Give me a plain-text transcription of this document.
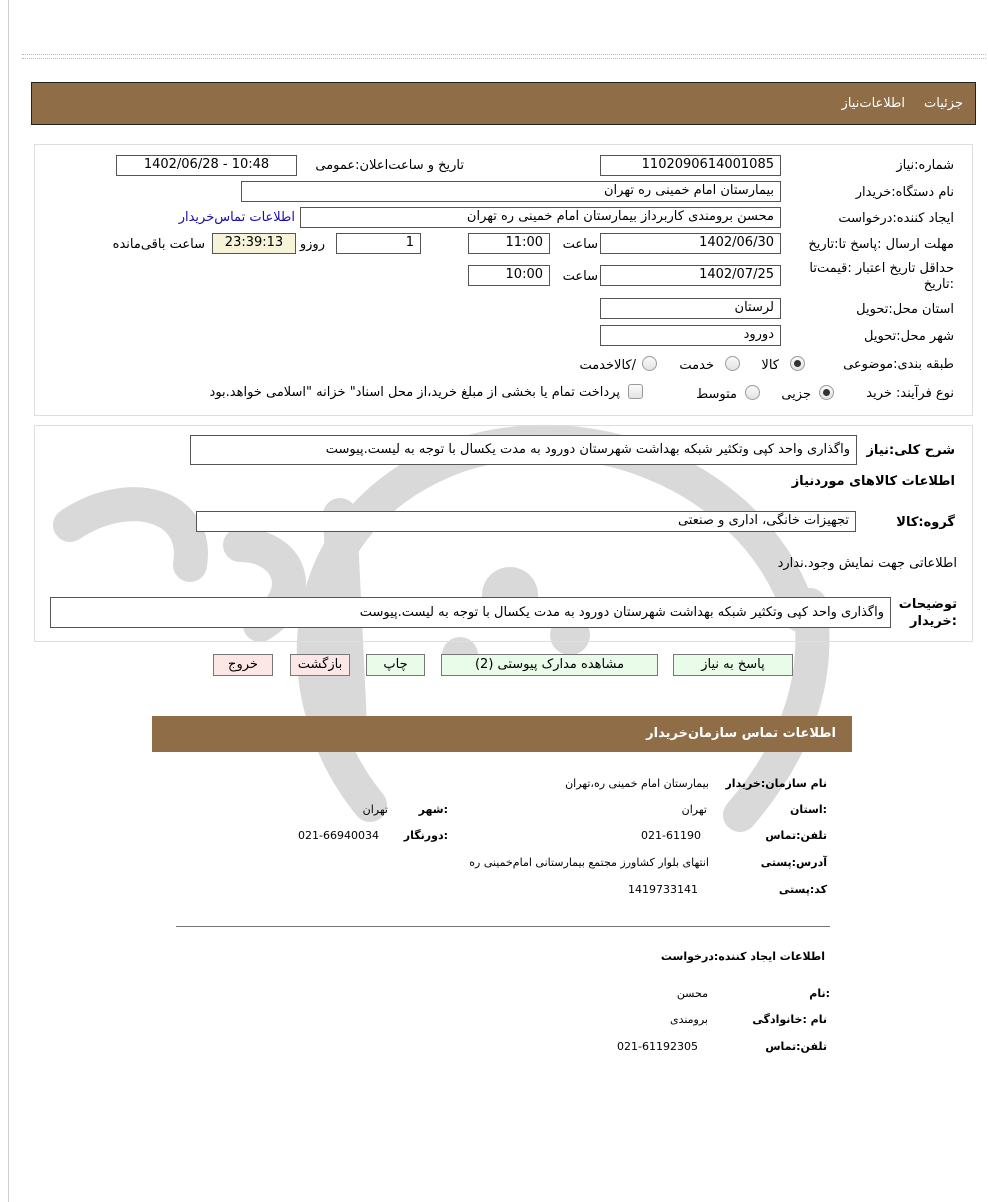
جزئیات
اطلاعات‌نیاز
شماره:نیاز
1102090614001085
تاریخ و ساعت‌اعلان:عمومی
1402/06/28 - 10:48
نام دستگاه:خریدار
بیمارستان امام خمینی ره تهران
ایجاد کننده:درخواست
محسن برومندی کاربرداز بیمارستان امام خمینی ره تهران
اطلاعات تماس‌خریدار
مهلت ارسال :پاسخ تا:تاریخ
1402/06/30
ساعت
11:00
1
روزو
23:39:13
ساعت باقی‌مانده
حداقل تاریخ اعتبار :قیمت‌تا
:تاریخ
1402/07/25
ساعت
10:00
استان محل:تحویل
لرستان
شهر محل:تحویل
دورود
طبقه بندی:موضوعی
کالا
خدمت
/کالاخدمت
نوع فرآیند: خرید
جزیی
متوسط
پرداخت تمام یا بخشی از مبلغ خرید،از محل اسناد" خزانه "اسلامی خواهد.بود
شرح کلی:نیاز
واگذاری واحد کپی وتکثیر شبکه بهداشت شهرستان دورود به مدت یکسال با توجه به لیست.پیوست
اطلاعات کالاهای موردنیاز
گروه:کالا
تجهیزات خانگی، اداری و صنعتی
اطلاعاتی جهت نمایش وجود.ندارد
توضیحات
:خریدار
واگذاری واحد کپی وتکثیر شبکه بهداشت شهرستان دورود به مدت یکسال با توجه به لیست.پیوست
پاسخ به نیاز
مشاهده مدارک پیوستی (2)
چاپ
بازگشت
خروج
اطلاعات تماس سازمان‌خریدار
نام سازمان:خریدار
بیمارستان امام خمینی ره،تهران
:استان
تهران
:شهر
تهران
تلفن:تماس
021-61190
:دورنگار
021-66940034
آدرس:پستی
انتهای بلوار کشاورز مجتمع بیمارستانی امام‌خمینی ره
کد:پستی
1419733141
اطلاعات ایجاد کننده:درخواست
:نام
محسن
نام :خانوادگی
برومندی
تلفن:تماس
021-61192305
